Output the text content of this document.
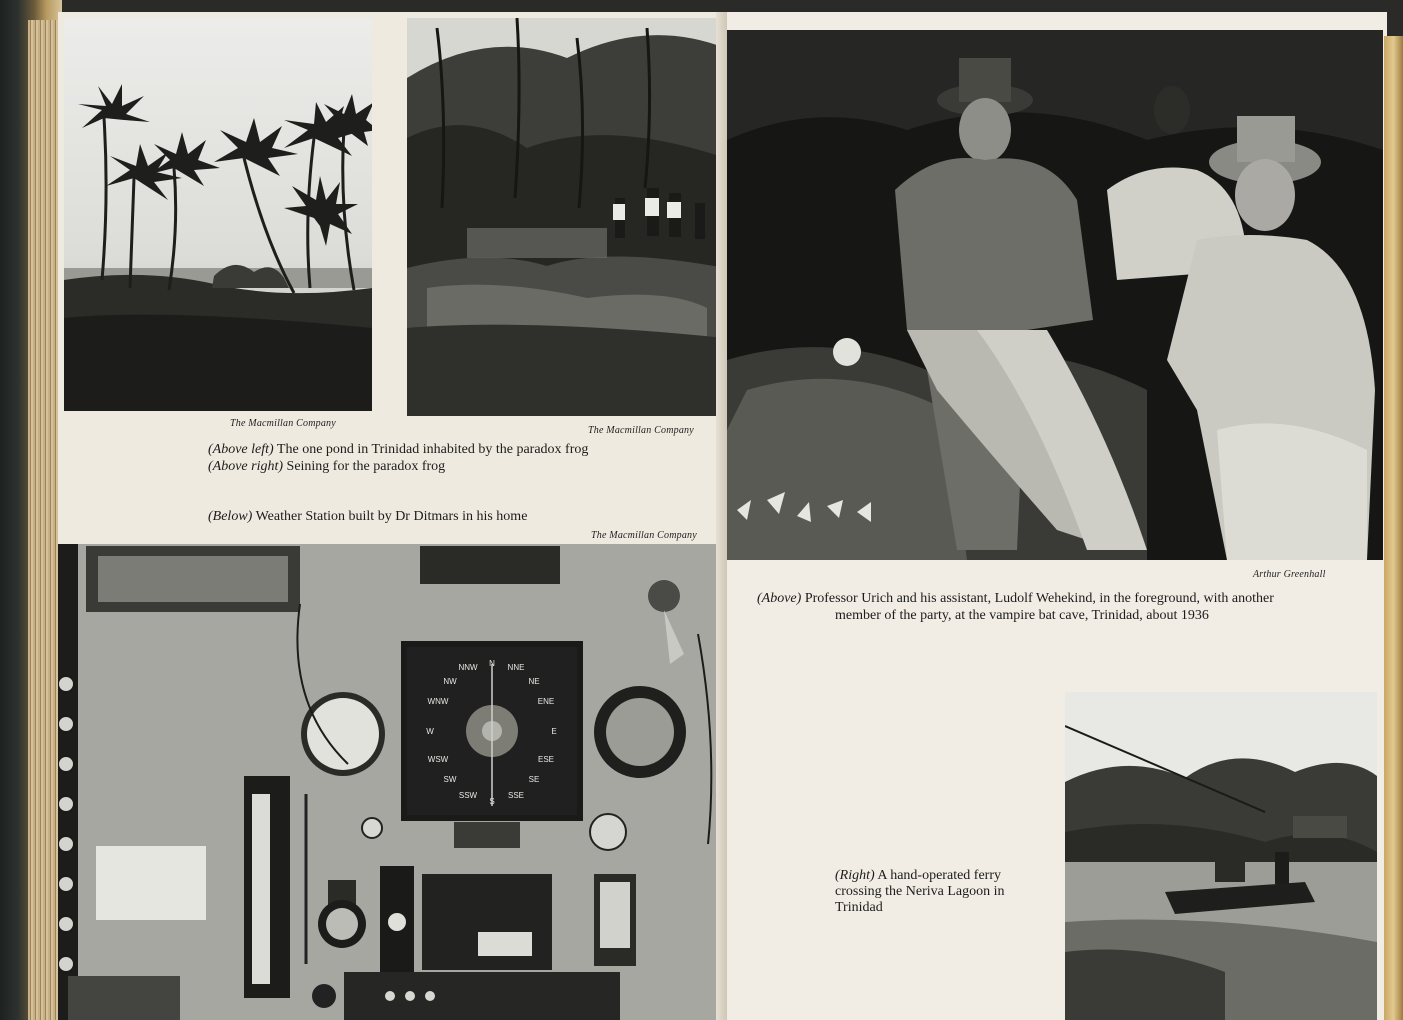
The Macmillan Company
The Macmillan Company
(Above left) The one pond in Trinidad inhabited by the paradox frog
(Above right) Seining for the paradox frog
(Below) Weather Station built by Dr Ditmars in his home
The Macmillan Company
NNW N NNE
NW	NE
WNW	ENE
W	E
WSW	ESE
SW	SE
SSW
S
SSE
Arthur Greenhall
(Above) Professor Urich and his assistant, Ludolf Wehekind, in the foreground, with another
member of the party, at the vampire bat cave, Trinidad, about 1936
(Right) A hand-operated ferry
crossing the Neriva Lagoon in
Trinidad
